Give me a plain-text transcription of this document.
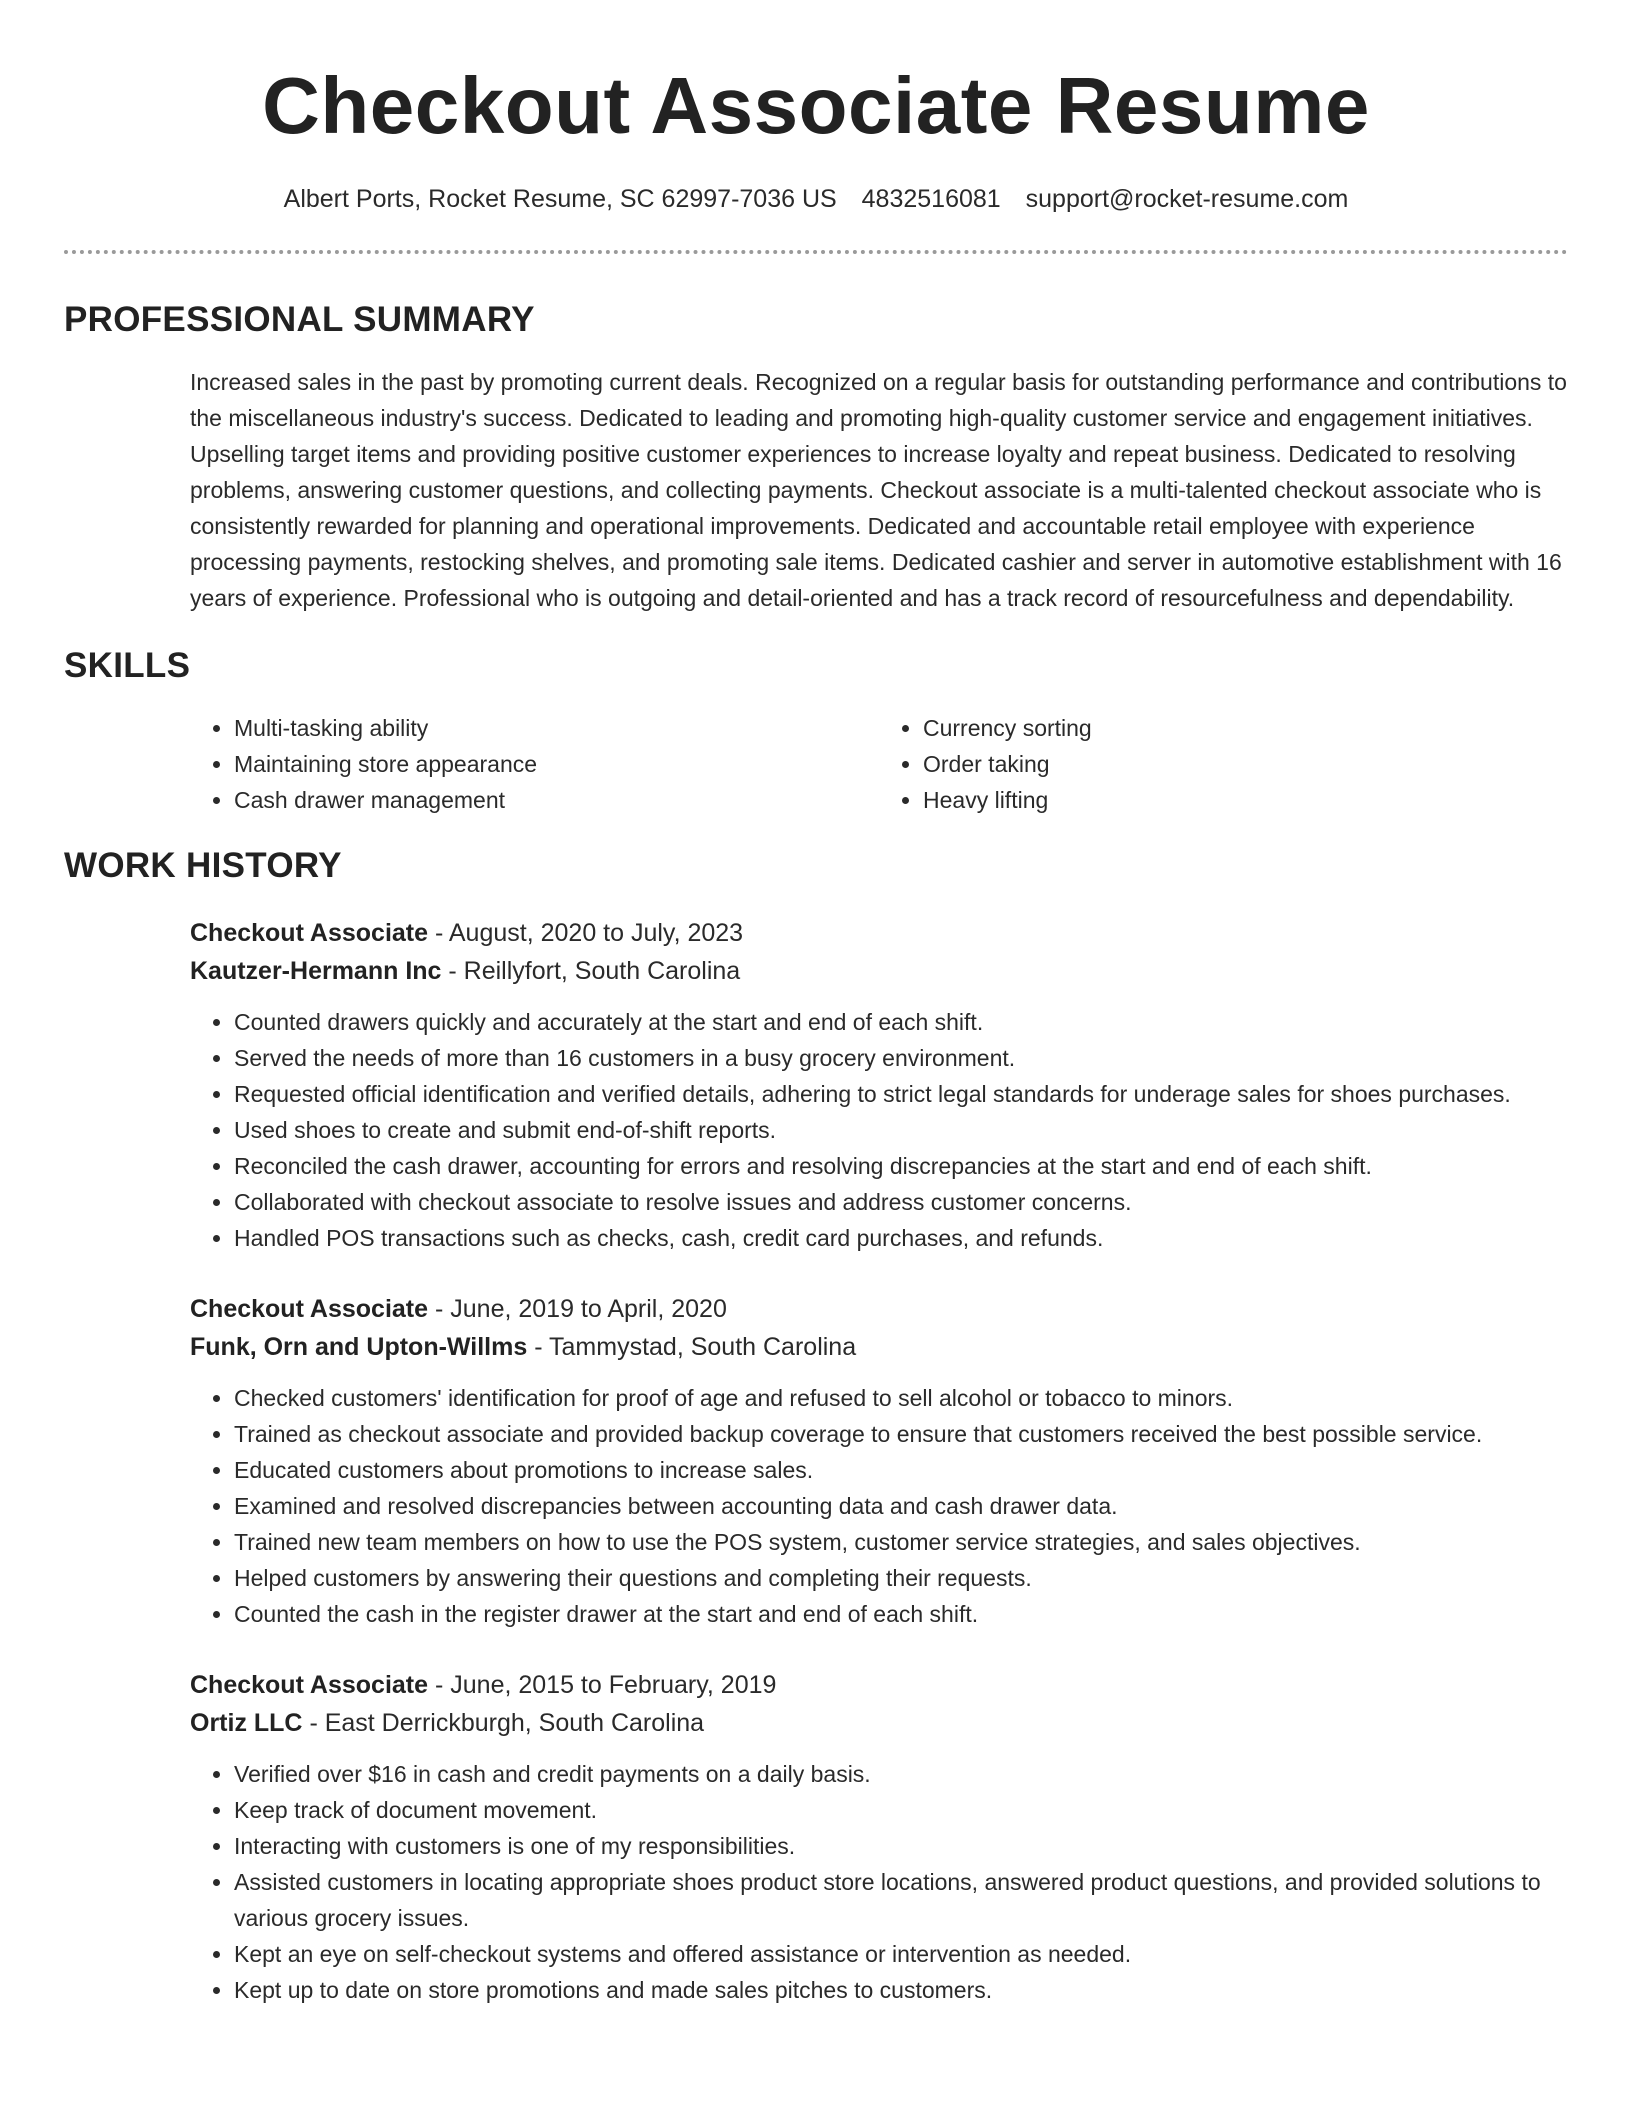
Checkout Associate Resume
Albert Ports, Rocket Resume, SC 62997-7036 US 4832516081 support@rocket-resume.com
PROFESSIONAL SUMMARY

Increased sales in the past by promoting current deals. Recognized on a regular basis for outstanding performance and contributions to the miscellaneous industry's success. Dedicated to leading and promoting high-quality customer service and engagement initiatives. Upselling target items and providing positive customer experiences to increase loyalty and repeat business. Dedicated to resolving problems, answering customer questions, and collecting payments. Checkout associate is a multi-talented checkout associate who is consistently rewarded for planning and operational improvements. Dedicated and accountable retail employee with experience processing payments, restocking shelves, and promoting sale items. Dedicated cashier and server in automotive establishment with 16 years of experience. Professional who is outgoing and detail-oriented and has a track record of resourcefulness and dependability.

SKILLS
• Multi-tasking ability
• Maintaining store appearance
• Cash drawer management
• Currency sorting
• Order taking
• Heavy lifting
WORK HISTORY
Checkout Associate - August, 2020 to July, 2023
Kautzer-Hermann Inc - Reillyfort, South Carolina
• Counted drawers quickly and accurately at the start and end of each shift.
• Served the needs of more than 16 customers in a busy grocery environment.
• Requested official identification and verified details, adhering to strict legal standards for underage sales for shoes purchases.
• Used shoes to create and submit end-of-shift reports.
• Reconciled the cash drawer, accounting for errors and resolving discrepancies at the start and end of each shift.
• Collaborated with checkout associate to resolve issues and address customer concerns.
• Handled POS transactions such as checks, cash, credit card purchases, and refunds.
Checkout Associate - June, 2019 to April, 2020
Funk, Orn and Upton-Willms - Tammystad, South Carolina
• Checked customers' identification for proof of age and refused to sell alcohol or tobacco to minors.
• Trained as checkout associate and provided backup coverage to ensure that customers received the best possible service.
• Educated customers about promotions to increase sales.
• Examined and resolved discrepancies between accounting data and cash drawer data.
• Trained new team members on how to use the POS system, customer service strategies, and sales objectives.
• Helped customers by answering their questions and completing their requests.
• Counted the cash in the register drawer at the start and end of each shift.
Checkout Associate - June, 2015 to February, 2019
Ortiz LLC - East Derrickburgh, South Carolina
• Verified over $16 in cash and credit payments on a daily basis.
• Keep track of document movement.
• Interacting with customers is one of my responsibilities.
• Assisted customers in locating appropriate shoes product store locations, answered product questions, and provided solutions to various grocery issues.
• Kept an eye on self-checkout systems and offered assistance or intervention as needed.
• Kept up to date on store promotions and made sales pitches to customers.
